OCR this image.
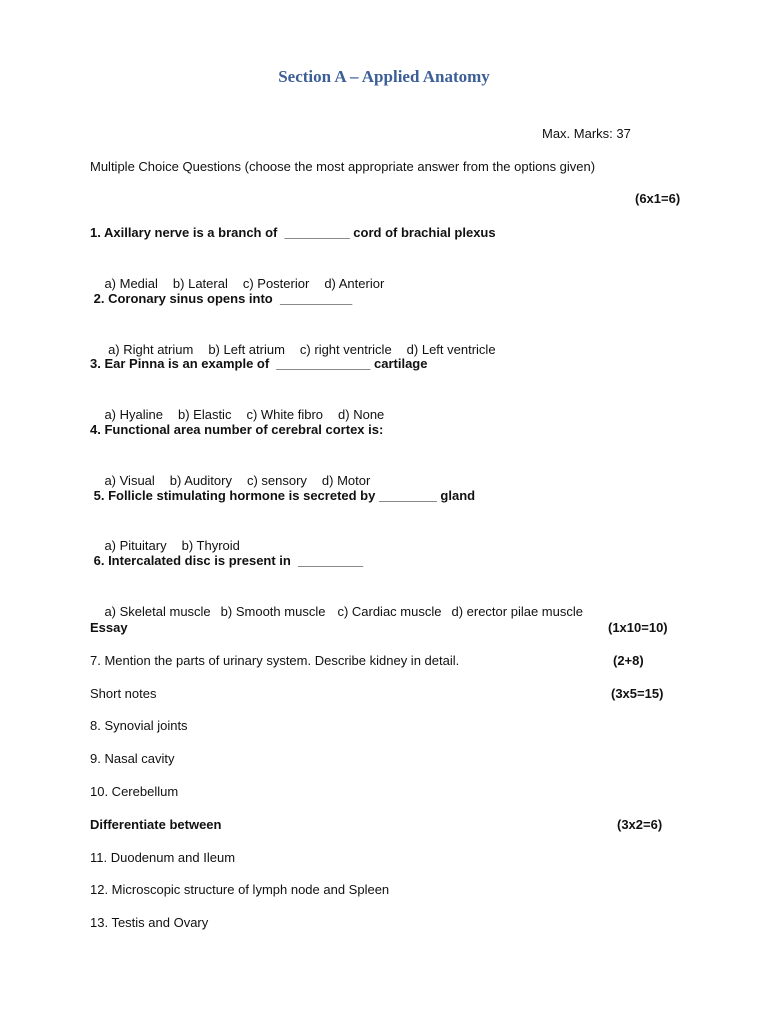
Section A – Applied Anatomy
Max. Marks: 37
Multiple Choice Questions (choose the most appropriate answer from the options given)
(6x1=6)
1. Axillary nerve is a branch of  _________ cord of brachial plexus

a) Medial b) Lateral c) Posterior d) Anterior

2. Coronary sinus opens into  __________

a) Right atrium b) Left atrium c) right ventricle d) Left ventricle

3. Ear Pinna is an example of  _____________ cartilage

a) Hyaline b) Elastic c) White fibro d) None

4. Functional area number of cerebral cortex is:

a) Visual b) Auditory c) sensory d) Motor

5. Follicle stimulating hormone is secreted by ________ gland

a) Pituitary b) Thyroid

6. Intercalated disc is present in  _________

a) Skeletal muscle b) Smooth muscle c) Cardiac muscle d) erector pilae muscle

Essay	(1x10=10)
7. Mention the parts of urinary system. Describe kidney in detail.	(2+8)
Short notes	(3x5=15)
8. Synovial joints
9. Nasal cavity
10. Cerebellum
Differentiate between	(3x2=6)
11. Duodenum and Ileum
12. Microscopic structure of lymph node and Spleen
13. Testis and Ovary
